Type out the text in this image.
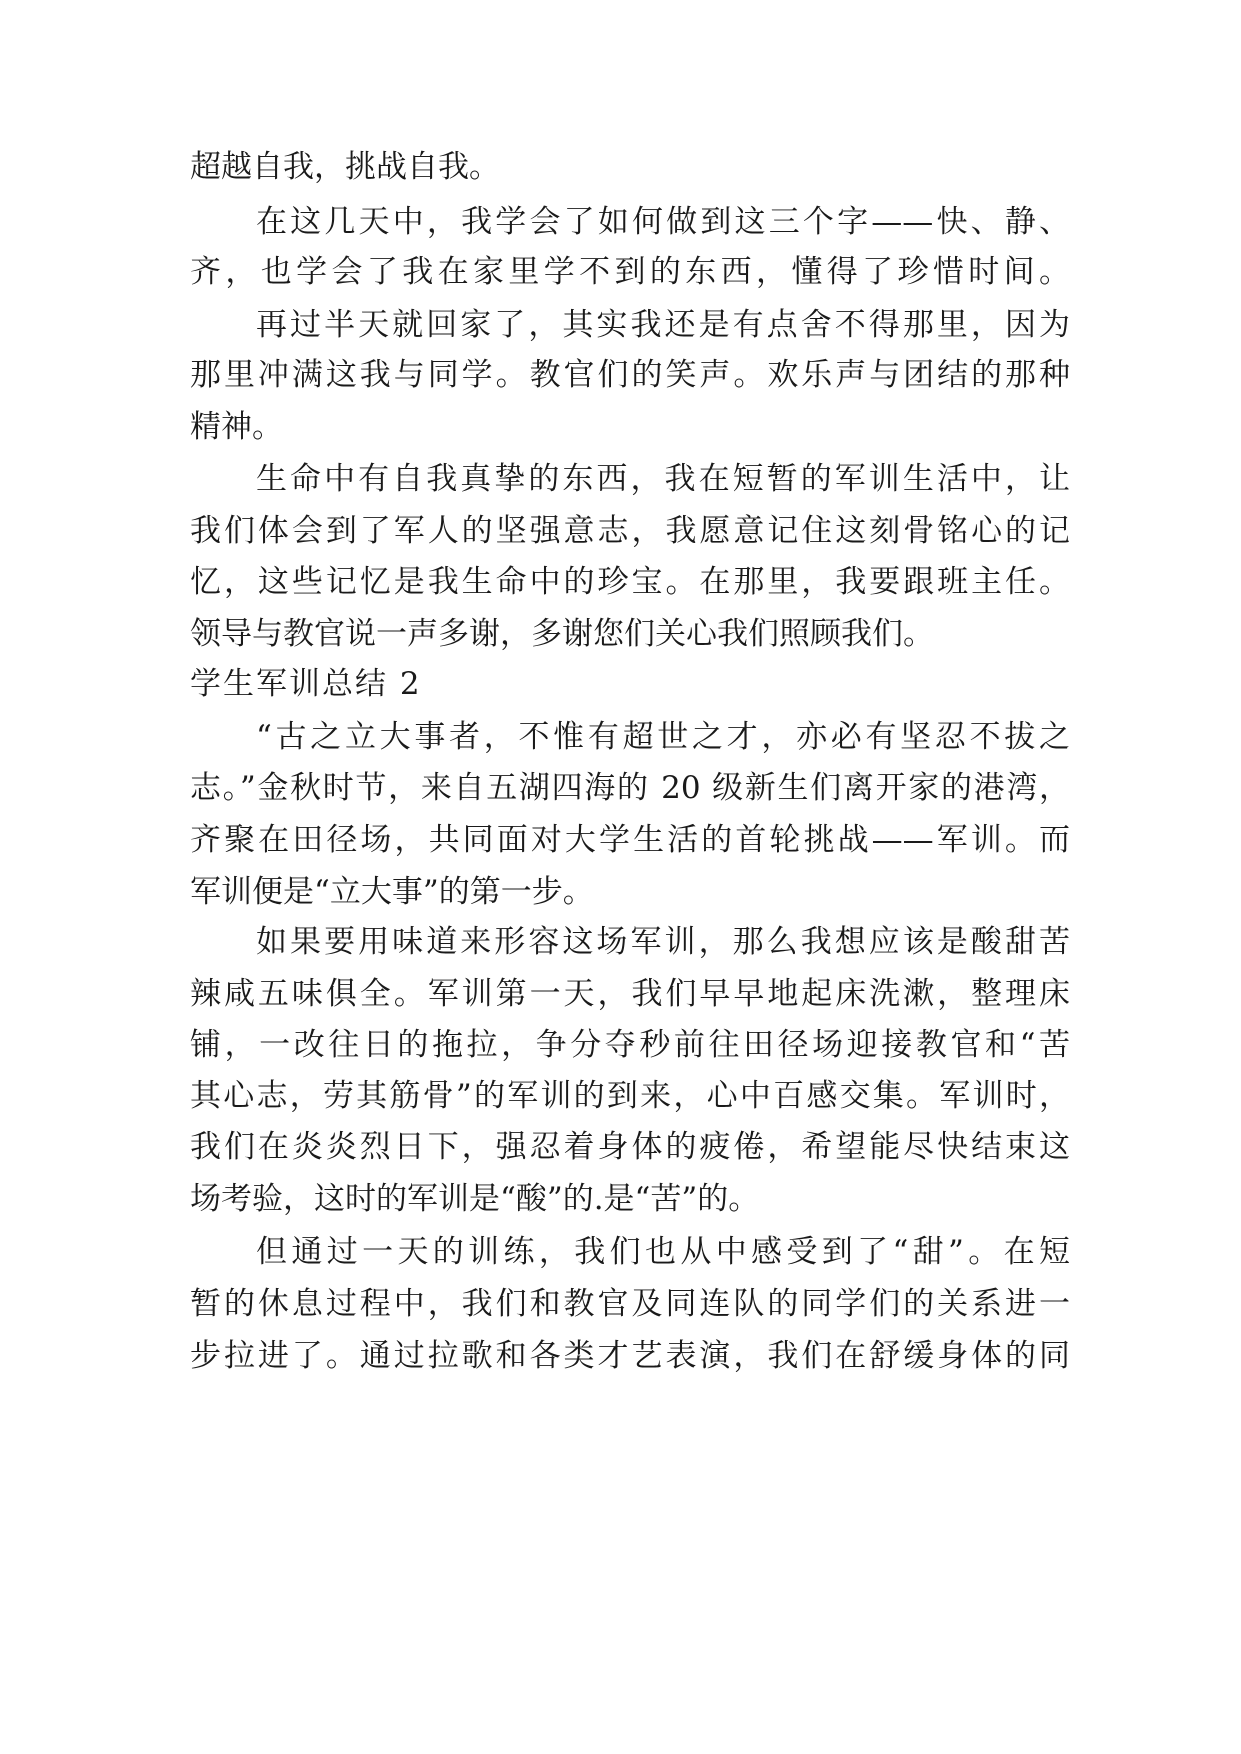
超越自我，挑战自我。
在这几天中，我学会了如何做到这三个字——快、静、
齐，也学会了我在家里学不到的东西，懂得了珍惜时间。
再过半天就回家了，其实我还是有点舍不得那里，因为
那里冲满这我与同学。教官们的笑声。欢乐声与团结的那种
精神。
生命中有自我真挚的东西，我在短暂的军训生活中，让
我们体会到了军人的坚强意志，我愿意记住这刻骨铭心的记
忆，这些记忆是我生命中的珍宝。在那里，我要跟班主任。
领导与教官说一声多谢，多谢您们关心我们照顾我们。
学生军训总结 2
“古之立大事者，不惟有超世之才，亦必有坚忍不拔之
志。”金秋时节，来自五湖四海的 20 级新生们离开家的港湾，
齐聚在田径场，共同面对大学生活的首轮挑战——军训。而
军训便是“立大事”的第一步。
如果要用味道来形容这场军训，那么我想应该是酸甜苦
辣咸五味俱全。军训第一天，我们早早地起床洗漱，整理床
铺，一改往日的拖拉，争分夺秒前往田径场迎接教官和“苦
其心志，劳其筋骨”的军训的到来，心中百感交集。军训时，
我们在炎炎烈日下，强忍着身体的疲倦，希望能尽快结束这
场考验，这时的军训是“酸”的.是“苦”的。
但通过一天的训练，我们也从中感受到了“甜”。在短
暂的休息过程中，我们和教官及同连队的同学们的关系进一
步拉进了。通过拉歌和各类才艺表演，我们在舒缓身体的同
